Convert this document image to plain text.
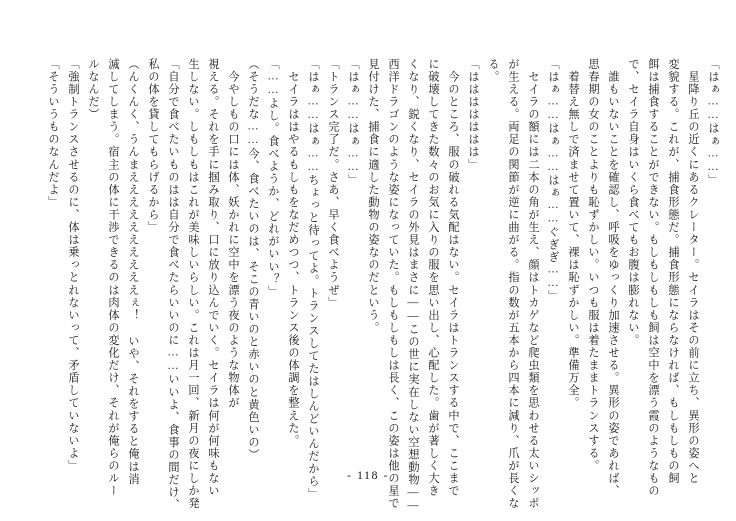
「はぁ……はぁ……」
　星降り丘の近くにあるクレーター。セイラはその前に立ち、異形の姿へと
変貌する。これが、捕食形態だ。捕食形態にならなければ、もしもしもの飼
餌は捕食することができない。もしもしもしも飼は空中を漂う霞のようなもの
で、セイラ自身はいくら食べてもお腹は膨れない。
　誰もいないことを確認し、呼吸をゆっくり加速させる。異形の姿であれば、
思春期の女のことよりも恥ずかしい。いつも服は着たままトランスする。
　着替え無しで済ませて置いて、裸は恥ずかしい。準備万全。
「はぁ……はぁ……はぁ……ぐぎぎ……」
　セイラの額には二本の角が生え、顔はトカゲなど爬虫類を思わせる太いシッポ
が生える。両足の関節が逆に曲がる。指の数が五本から四本に減り、爪が長くな
る。
「ははははははは」
　今のところ、服の破れる気配はない。セイラはトランスする中で、ここまで
に破壊してきた数々のお気に入りの服を思い出し、心配した。歯が著しく大き
くなり、鋭くなり、セイラの外見はまさに——この世に実在しない空想動物——
西洋ドラゴンのような姿になっていた。もしもしもしは長く、この姿は他の星で
見付けた、捕食に適した動物の姿なのだという。
「はぁ……はぁ……」
「トランス完了だ。さあ、早く食べようぜ」
「はぁ……はぁ……ちょっと待ってよ。トランスしてたはしんどいんだから」
　セイラははやるもしもをなだめつつ、トランス後の体調を整えた。
「……よし。食べようか、どれがいい？」
（そうだな……今、食べたいのは、そこの青いのと赤いのと黄色いの）
　今やしもの口には体、妖かれに空中を漂う夜のような物体が
視える。それを手に掴み取り、口に放り込んでいく。セイラは何が何味もない
生しない。しもしもはこれが美味しいらしい。これは月一回、新月の夜にしか発
「自分で食べたいものはは自分で食べたらいいのに……いいよ、食事の間だけ、
私の体を貸してもらげるから」
（んくんく、うんまええええええええええぇ！ いや、それをすると俺は消
滅してしまう。宿主の体に干渉できるのは肉体の変化だけ、それが俺らのルー
ルなんだ）
「強制トランスさせるのに、体は乗っとれないって、矛盾していないよ」
「そういうものなんだよ」
- 118 -
